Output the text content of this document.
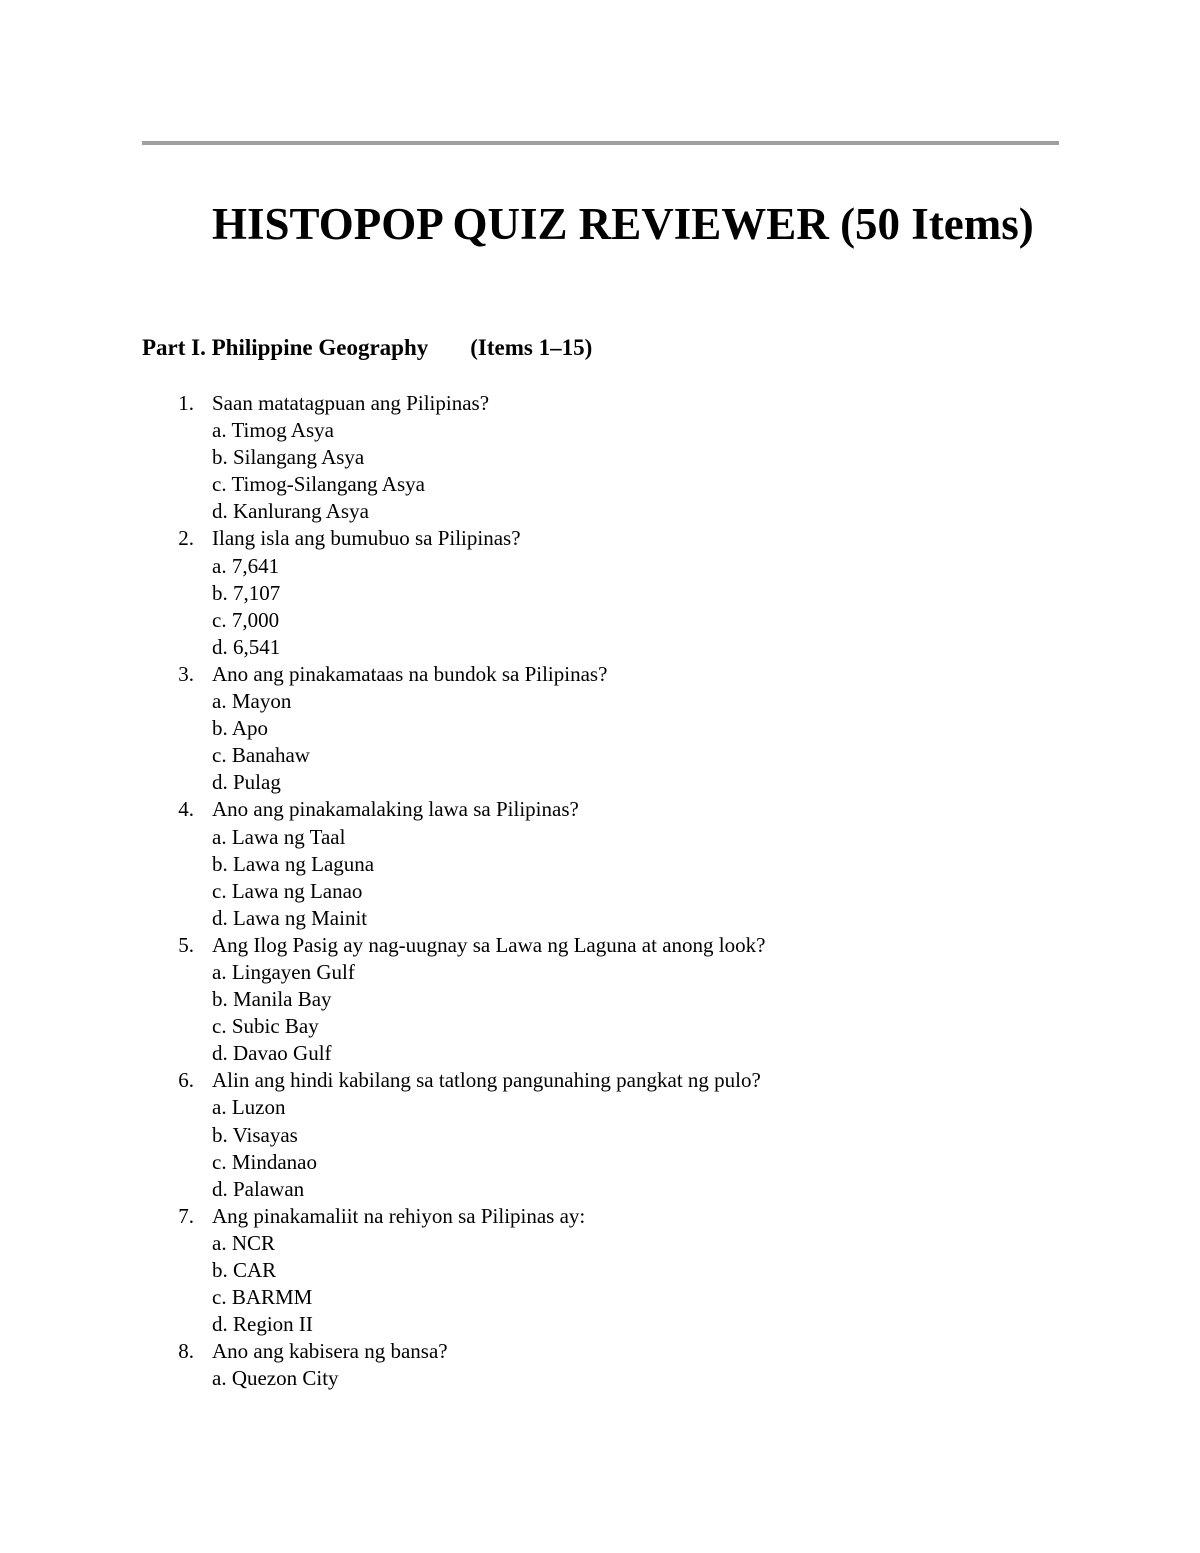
HISTOPOP QUIZ REVIEWER (50 Items)
Part I. Philippine Geography (Items 1–15)
1. Saan matatagpuan ang Pilipinas?
a. Timog Asya
b. Silangang Asya
c. Timog-Silangang Asya
d. Kanlurang Asya
2. Ilang isla ang bumubuo sa Pilipinas?
a. 7,641
b. 7,107
c. 7,000
d. 6,541
3. Ano ang pinakamataas na bundok sa Pilipinas?
a. Mayon
b. Apo
c. Banahaw
d. Pulag
4. Ano ang pinakamalaking lawa sa Pilipinas?
a. Lawa ng Taal
b. Lawa ng Laguna
c. Lawa ng Lanao
d. Lawa ng Mainit
5. Ang Ilog Pasig ay nag-uugnay sa Lawa ng Laguna at anong look?
a. Lingayen Gulf
b. Manila Bay
c. Subic Bay
d. Davao Gulf
6. Alin ang hindi kabilang sa tatlong pangunahing pangkat ng pulo?
a. Luzon
b. Visayas
c. Mindanao
d. Palawan
7. Ang pinakamaliit na rehiyon sa Pilipinas ay:
a. NCR
b. CAR
c. BARMM
d. Region II
8. Ano ang kabisera ng bansa?
a. Quezon City
